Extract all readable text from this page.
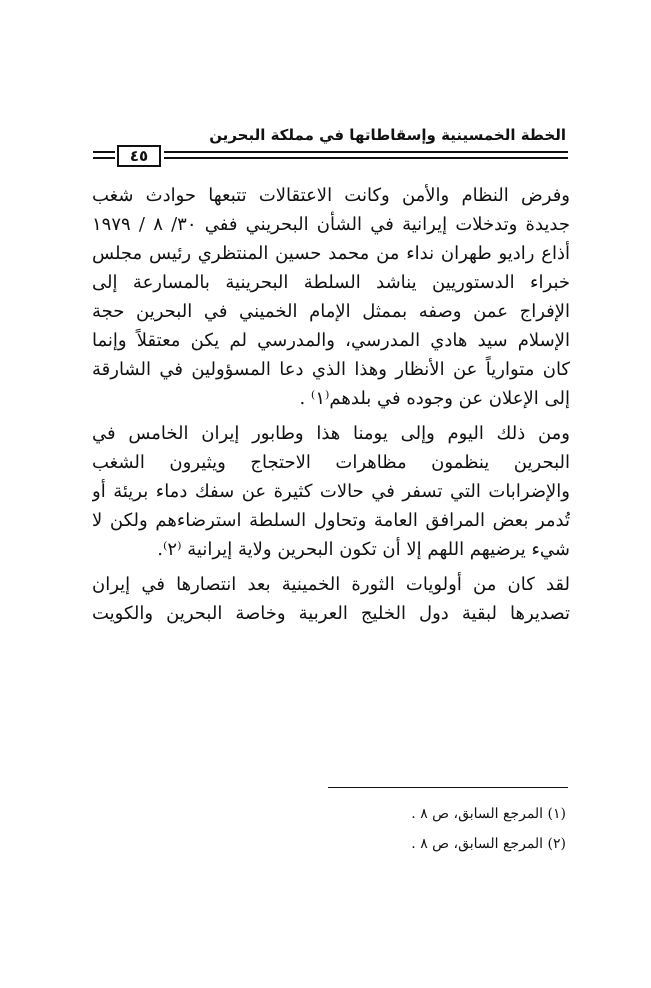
الخطة الخمسينية وإسقاطاتها في مملكة البحرين
٤٥
وفرض النظام والأمن وكانت الاعتقالات تتبعها حوادث شغب
جديدة وتدخلات إيرانية في الشأن البحريني ففي ٣٠/ ٨ / ١٩٧٩
أذاع راديو طهران نداء من محمد حسين المنتظري رئيس مجلس
خبراء الدستوريين يناشد السلطة البحرينية بالمسارعة إلى
الإفراج عمن وصفه بممثل الإمام الخميني في البحرين حجة
الإسلام سيد هادي المدرسي، والمدرسي لم يكن معتقلاً وإنما
كان متوارياً عن الأنظار وهذا الذي دعا المسؤولين في الشارقة
إلى الإعلان عن وجوده في بلدهم⁽١⁾ .
ومن ذلك اليوم وإلى يومنا هذا وطابور إيران الخامس في
البحرين ينظمون مظاهرات الاحتجاج ويثيرون الشغب
والإضرابات التي تسفر في حالات كثيرة عن سفك دماء بريئة أو
تُدمر بعض المرافق العامة وتحاول السلطة استرضاءهم ولكن لا
شيء يرضيهم اللهم إلا أن تكون البحرين ولاية إيرانية ⁽٢⁾.
لقد كان من أولويات الثورة الخمينية بعد انتصارها في إيران
تصديرها لبقية دول الخليج العربية وخاصة البحرين والكويت
(١) المرجع السابق، ص ٨ .
(٢) المرجع السابق، ص ٨ .
